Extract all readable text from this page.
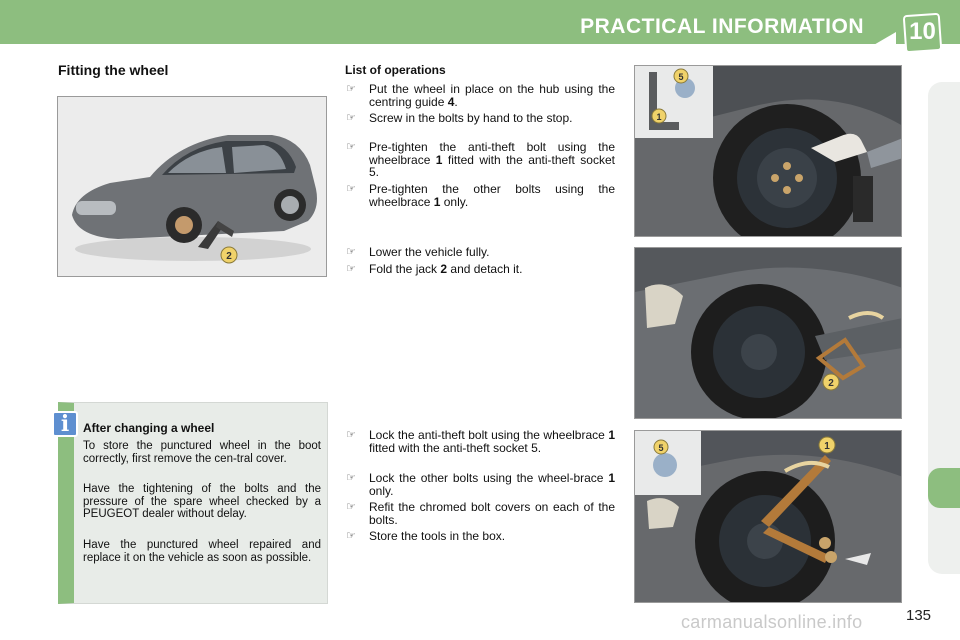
PRACTICAL INFORMATION 10
Fitting the wheel
2
i	After changing a wheel
To store the punctured wheel in the boot correctly, first remove the cen-tral cover.
Have the tightening of the bolts and the pressure of the spare wheel checked by a PEUGEOT dealer without delay.
Have the punctured wheel repaired and replace it on the vehicle as soon as possible.
List of operations
☞	Put the wheel in place on the hub using the centring guide 4.
☞	Screw in the bolts by hand to the stop.
☞	Pre-tighten the anti-theft bolt using the wheelbrace 1 fitted with the anti-theft socket 5.
☞	Pre-tighten the other bolts using the wheelbrace 1 only.
☞	Lower the vehicle fully.
☞	Fold the jack 2 and detach it.
☞	Lock the anti-theft bolt using the wheelbrace 1 fitted with the anti-theft socket 5.
☞	Lock the other bolts using the wheel-brace 1 only.
☞	Refit the chromed bolt covers on each of the bolts.
☞	Store the tools in the box.
5
1
2
5	1
carmanualsonline.info	135
